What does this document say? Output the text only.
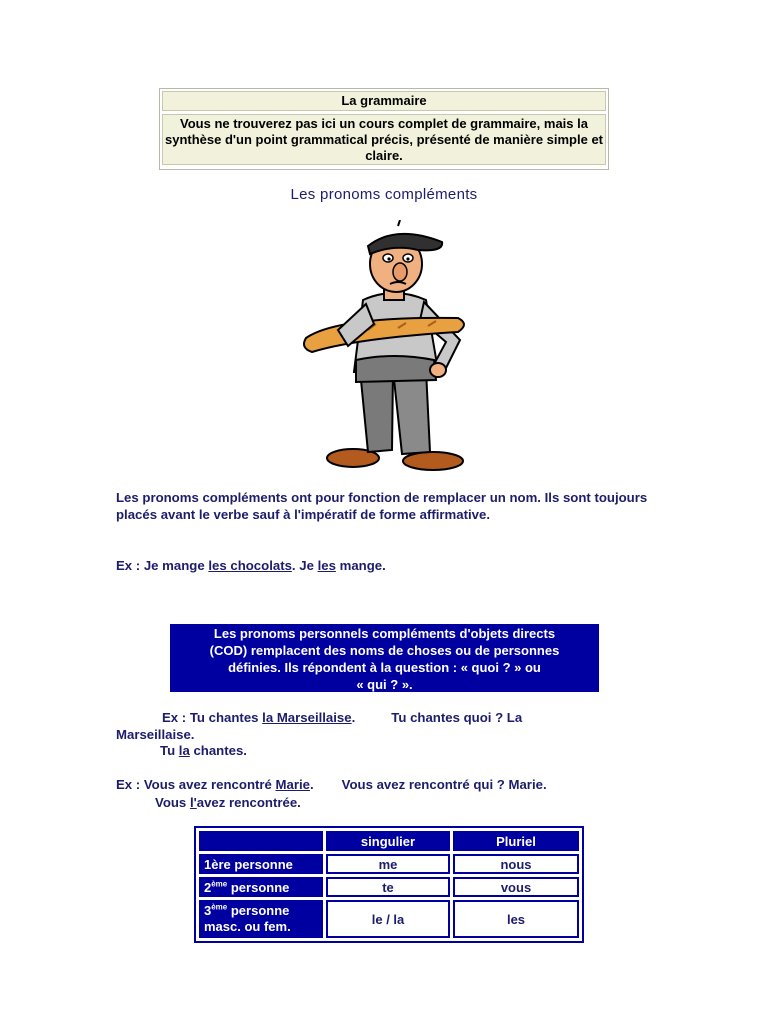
La grammaire
Vous ne trouverez pas ici un cours complet de grammaire, mais la synthèse d'un point grammatical précis, présenté de manière simple et claire.
Les pronoms compléments
Les pronoms compléments ont pour fonction de remplacer un nom. Ils sont toujours placés avant le verbe sauf à l'impératif de forme affirmative.
Ex : Je mange les chocolats. Je les mange.
Les pronoms personnels compléments d'objets directs
(COD) remplacent des noms de choses ou de personnes
définies. Ils répondent à la question : « quoi ? » ou
« qui ? ».
Ex : Tu chantes la Marseillaise.	Tu chantes quoi ? La
Marseillaise.
Tu la chantes.
Ex : Vous avez rencontré Marie. Vous avez rencontré qui ? Marie.
Vous l'avez rencontrée.
	singulier	Pluriel
1ère personne	me	nous
2ème personne	te	vous
3ème personne
masc. ou fem.	le / la	les
